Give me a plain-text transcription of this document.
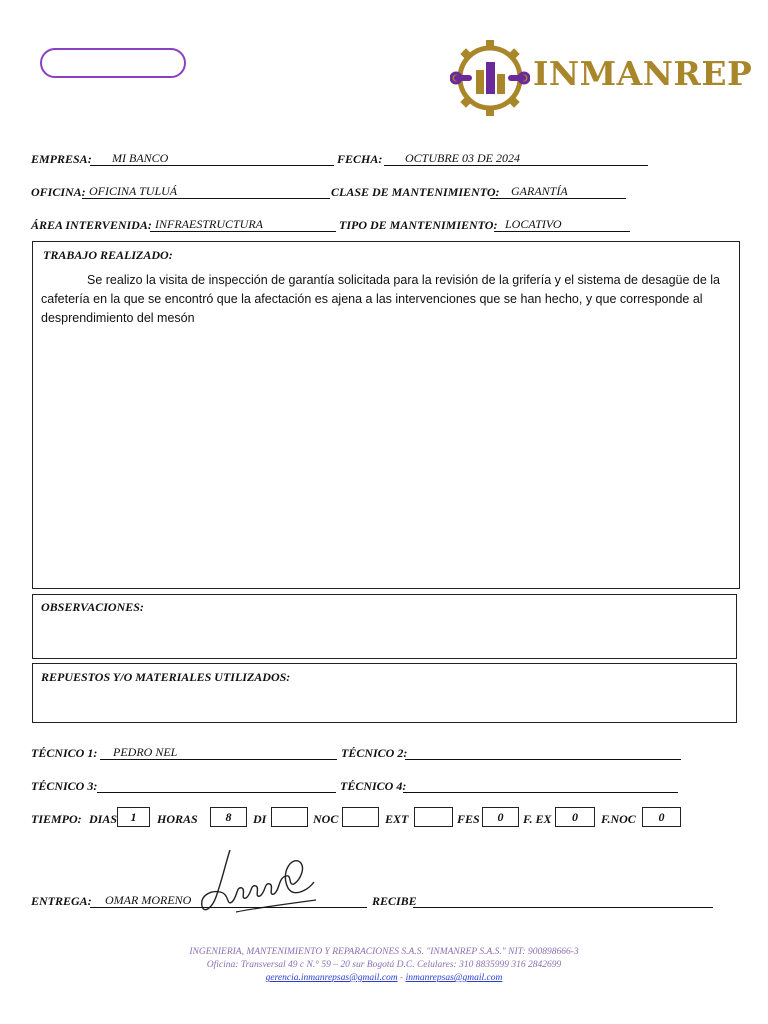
INMANREP
EMPRESA: MI BANCO	FECHA: OCTUBRE 03 DE 2024
OFICINA: OFICINA TULUÁ	CLASE DE MANTENIMIENTO: GARANTÍA
ÁREA INTERVENIDA: INFRAESTRUCTURA	TIPO DE MANTENIMIENTO: LOCATIVO
TRABAJO REALIZADO:
Se realizo la visita de inspección de garantía solicitada para la revisión de la grifería y el sistema de desagüe de la cafetería en la que se encontró que la afectación es ajena a las intervenciones que se han hecho, y que corresponde al desprendimiento del mesón
OBSERVACIONES:
REPUESTOS Y/O MATERIALES UTILIZADOS:
TÉCNICO 1: PEDRO NEL	TÉCNICO 2:
TÉCNICO 3:	TÉCNICO 4:
TIEMPO: DIAS	1	HORAS	8	DI	NOC	EXT	FES	0	F. EX	0	F.NOC	0
ENTREGA: OMAR MORENO	RECIBE
INGENIERIA, MANTENIMIENTO Y REPARACIONES S.A.S. "INMANREP S.A.S." NIT: 900898666-3
Oficina: Transversal 49 c N.° 59 – 20 sur Bogotá D.C. Celulares: 310 8835999 316 2842699
gerencia.inmanrepsas@gmail.com - inmanrepsas@gmail.com
